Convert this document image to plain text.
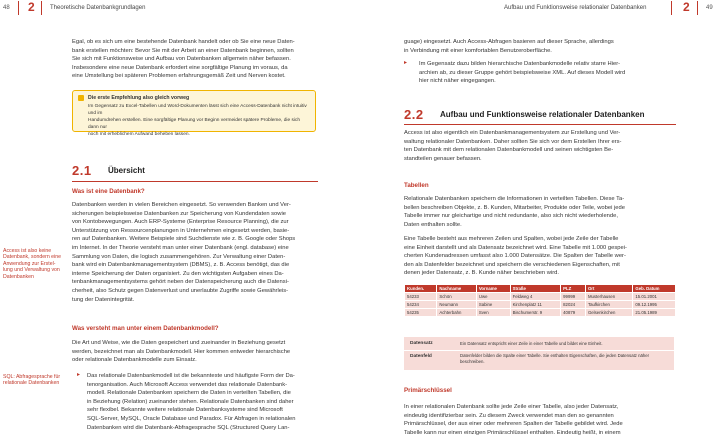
48 2	Theoretische Datenbankgrundlagen	Aufbau und Funktionsweise relationaler Datenbanken	2	49
Egal, ob es sich um eine bestehende Datenbank handelt oder ob Sie eine neue Daten-
bank erstellen möchten: Bevor Sie mit der Arbeit an einer Datenbank beginnen, sollten
Sie sich mit Funktionsweise und Aufbau von Datenbanken allgemein näher befassen.
Insbesondere eine neue Datenbank erfordert eine sorgfältige Planung im voraus, da
eine Umstellung bei späteren Problemen erfahrungsgemäß Zeit und Nerven kostet.
Die erste Empfehlung also gleich vorweg
Im Gegensatz zu Excel-Tabellen und Word-Dokumenten lässt sich eine Access-Datenbank nicht intuitiv und im
Handumdrehen erstellen. Eine sorgfältige Planung vor Beginn vermeidet spätere Probleme, die sich dann nur
noch mit erheblichem Aufwand beheben lassen.
2.1 Übersicht
Was ist eine Datenbank?
Datenbanken werden in vielen Bereichen eingesetzt. So verwenden Banken und Ver-
sicherungen beispielsweise Datenbanken zur Speicherung von Kundendaten sowie
von Kontobewegungen. Auch ERP-Systeme (Enterprise Resource Planning), die zur
Unterstützung von Ressourcenplanungen in Unternehmen eingesetzt werden, basie-
ren auf Datenbanken. Weitere Beispiele sind Suchdienste wie z. B. Google oder Shops
im Internet. In der Theorie versteht man unter einer Datenbank (engl. database) eine
Sammlung von Daten, die logisch zusammengehören. Zur Verwaltung einer Daten-
bank wird ein Datenbankmanagementsystem (DBMS), z. B. Access benötigt, das die
interne Speicherung der Daten organisiert. Zu den wichtigsten Aufgaben eines Da-
tenbankmanagementsystems gehört neben der Datenspeicherung auch die Datensi-
cherheit, also Schutz gegen Datenverlust und unerlaubte Zugriffe sowie Gewährleis-
tung der Datenintegrität.
Was versteht man unter einem Datenbankmodell?
Die Art und Weise, wie die Daten gespeichert und zueinander in Beziehung gesetzt
werden, bezeichnet man als Datenbankmodell. Hier kommen entweder hierarchische
oder relationale Datenbankmodelle zum Einsatz.
▸ Das relationale Datenbankmodell ist die bekannteste und häufigste Form der Da-
tenorganisation. Auch Microsoft Access verwendet das relationale Datenbank-
modell. Relationale Datenbanken speichern die Daten in verteilten Tabellen, die
in Beziehung (Relation) zueinander stehen. Relationale Datenbanken sind daher
sehr flexibel. Bekannte weitere relationale Datenbanksysteme sind Microsoft
SQL-Server, MySQL, Oracle Database und Paradox. Für Abfragen in relationalen
Datenbanken wird die Datenbank-Abfragesprache SQL (Structured Query Lan-
Access ist also keine
Datenbank, sondern eine
Anwendung zur Erstel-
lung und Verwaltung von
Datenbanken
SQL: Abfragesprache für
relationale Datenbanken
guage) eingesetzt. Auch Access-Abfragen basieren auf dieser Sprache, allerdings
in Verbindung mit einer komfortablen Benutzeroberfläche.
▸ Im Gegensatz dazu bilden hierarchische Datenbankmodelle relativ starre Hier-
archien ab, zu dieser Gruppe gehört beispielsweise XML. Auf dieses Modell wird
hier nicht näher eingegangen.
2.2 Aufbau und Funktionsweise relationaler Datenbanken
Access ist also eigentlich ein Datenbankmanagementsystem zur Erstellung und Ver-
waltung relationaler Datenbanken. Daher sollten Sie sich vor dem Erstellen Ihrer ers-
ten Datenbank mit dem relationalen Datenbankmodell und seinen wichtigsten Be-
standteilen genauer befassen.
Tabellen
Relationale Datenbanken speichern die Informationen in verteilten Tabellen. Diese Ta-
bellen beschreiben Objekte, z. B. Kunden, Mitarbeiter, Produkte oder Teile, wobei jede
Tabelle immer nur gleichartige und nicht redundante, also sich nicht wiederholende,
Daten enthalten sollte.
Eine Tabelle besteht aus mehreren Zeilen und Spalten, wobei jede Zeile der Tabelle
eine Einheit darstellt und als Datensatz bezeichnet wird. Eine Tabelle mit 1.000 gespei-
cherten Kundenadressen umfasst also 1.000 Datensätze. Die Spalten der Tabelle wer-
den als Datenfelder bezeichnet und speichern die verschiedenen Eigenschaften, mit
denen jeder Datensatz, z. B. Kunde näher beschrieben wird.
Kunden.	Nachname	Vorname	Straße	PLZ	Ort	Geb. Datum
54233	Schön	Uwe	Feldweg 4	99999	Musterhausen	15.01.2001
54234	Neumann	Sabine	Kirchenplatz 11	82024	Taufkirchen	09.12.1995
54235	Achterbahn	Sven	Bischumerstr. 9	40879	Gelsenkirchen	21.05.1989
Datensatz	Ein Datensatz entspricht einer Zeile in einer Tabelle und bildet eine Einheit.
Datenfeld	Datenfelder bilden die Spalte einer Tabelle. Sie enthalten Eigenschaften, die jeden Datensatz näher beschreiben.
Primärschlüssel
In einer relationalen Datenbank sollte jede Zeile einer Tabelle, also jeder Datensatz,
eindeutig identifizierbar sein. Zu diesem Zweck verwendet man den so genannten
Primärschlüssel, der aus einer oder mehreren Spalten der Tabelle gebildet wird. Jede
Tabelle kann nur einen einzigen Primärschlüssel enthalten. Eindeutig heißt, in einem
